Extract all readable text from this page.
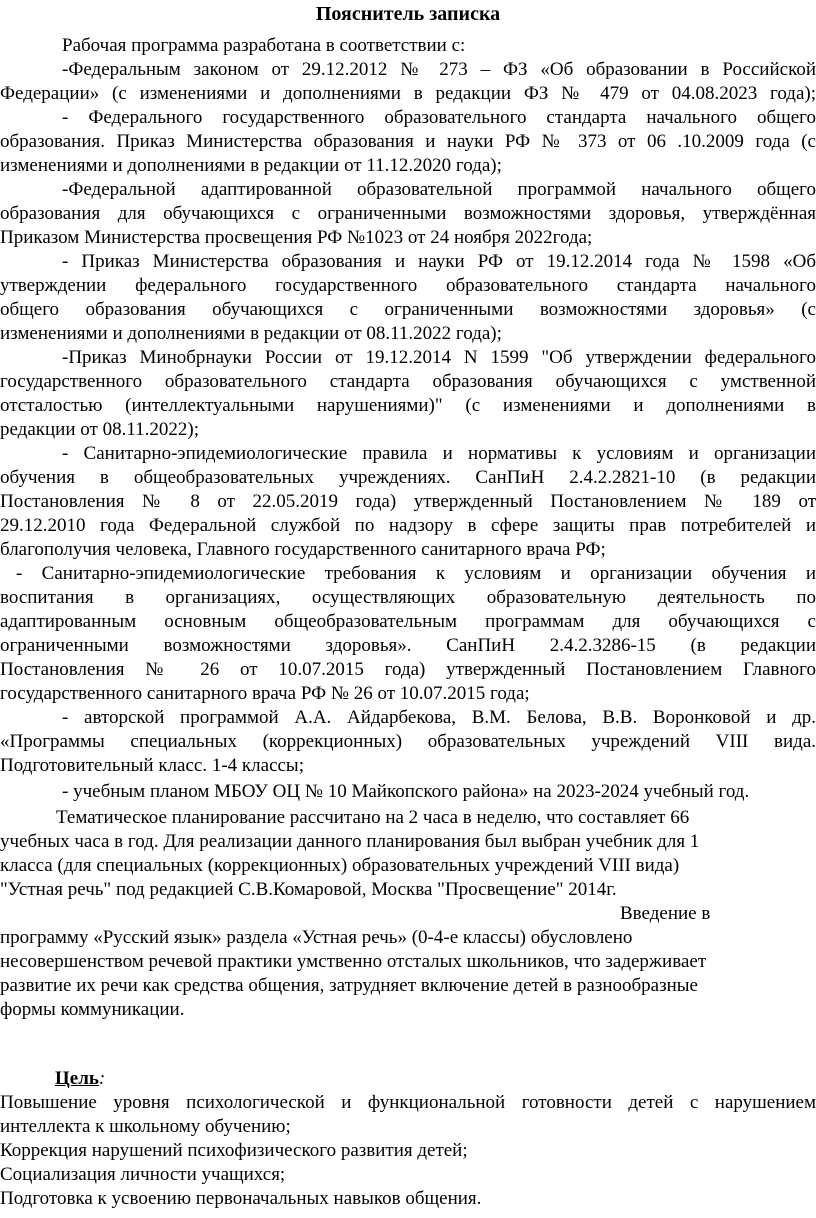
Пояснитель записка
Рабочая программа разработана в соответствии с:
-Федеральным законом от 29.12.2012 № 273 – ФЗ «Об образовании в Российской
Федерации» (с изменениями и дополнениями в редакции ФЗ № 479 от 04.08.2023 года);
- Федерального государственного образовательного стандарта начального общего
образования. Приказ Министерства образования и науки РФ № 373 от 06 .10.2009 года (с
изменениями и дополнениями в редакции от 11.12.2020 года);
-Федеральной адаптированной образовательной программой начального общего
образования для обучающихся с ограниченными возможностями здоровья, утверждённая
Приказом Министерства просвещения РФ №1023 от 24 ноября 2022года;
- Приказ Министерства образования и науки РФ от 19.12.2014 года № 1598 «Об
утверждении федерального государственного образовательного стандарта начального
общего образования обучающихся с ограниченными возможностями здоровья» (с
изменениями и дополнениями в редакции от 08.11.2022 года);
-Приказ Минобрнауки России от 19.12.2014 N 1599 "Об утверждении федерального
государственного образовательного стандарта образования обучающихся с умственной
отсталостью (интеллектуальными нарушениями)" (с изменениями и дополнениями в
редакции от 08.11.2022);
- Санитарно-эпидемиологические правила и нормативы к условиям и организации
обучения в общеобразовательных учреждениях. СанПиН 2.4.2.2821-10 (в редакции
Постановления № 8 от 22.05.2019 года) утвержденный Постановлением № 189 от
29.12.2010 года Федеральной службой по надзору в сфере защиты прав потребителей и
благополучия человека, Главного государственного санитарного врача РФ;
- Санитарно-эпидемиологические требования к условиям и организации обучения и
воспитания в организациях, осуществляющих образовательную деятельность по
адаптированным основным общеобразовательным программам для обучающихся с
ограниченными возможностями здоровья». СанПиН 2.4.2.3286-15 (в редакции
Постановления № 26 от 10.07.2015 года) утвержденный Постановлением Главного
государственного санитарного врача РФ № 26 от 10.07.2015 года;
- авторской программой А.А. Айдарбекова, В.М. Белова, В.В. Воронковой и др.
«Программы специальных (коррекционных) образовательных учреждений VIII вида.
Подготовительный класс. 1-4 классы;
- учебным планом МБОУ ОЦ № 10 Майкопского района» на 2023-2024 учебный год.
Тематическое планирование рассчитано на 2 часа в неделю, что составляет 66
учебных часа в год. Для реализации данного планирования был выбран учебник для 1
класса (для специальных (коррекционных) образовательных учреждений VIII вида)
"Устная речь" под редакцией С.В.Комаровой, Москва "Просвещение" 2014г.
Введение в
программу «Русский язык» раздела «Устная речь» (0-4-е классы) обусловлено
несовершенством речевой практики умственно отсталых школьников, что задерживает
развитие их речи как средства общения, затрудняет включение детей в разнообразные
формы коммуникации.
Повышение уровня психологической и функциональной готовности детей с нарушением
интеллекта к школьному обучению;
Коррекция нарушений психофизического развития детей;
Социализация личности учащихся;
Подготовка к усвоению первоначальных навыков общения.
Цель:
